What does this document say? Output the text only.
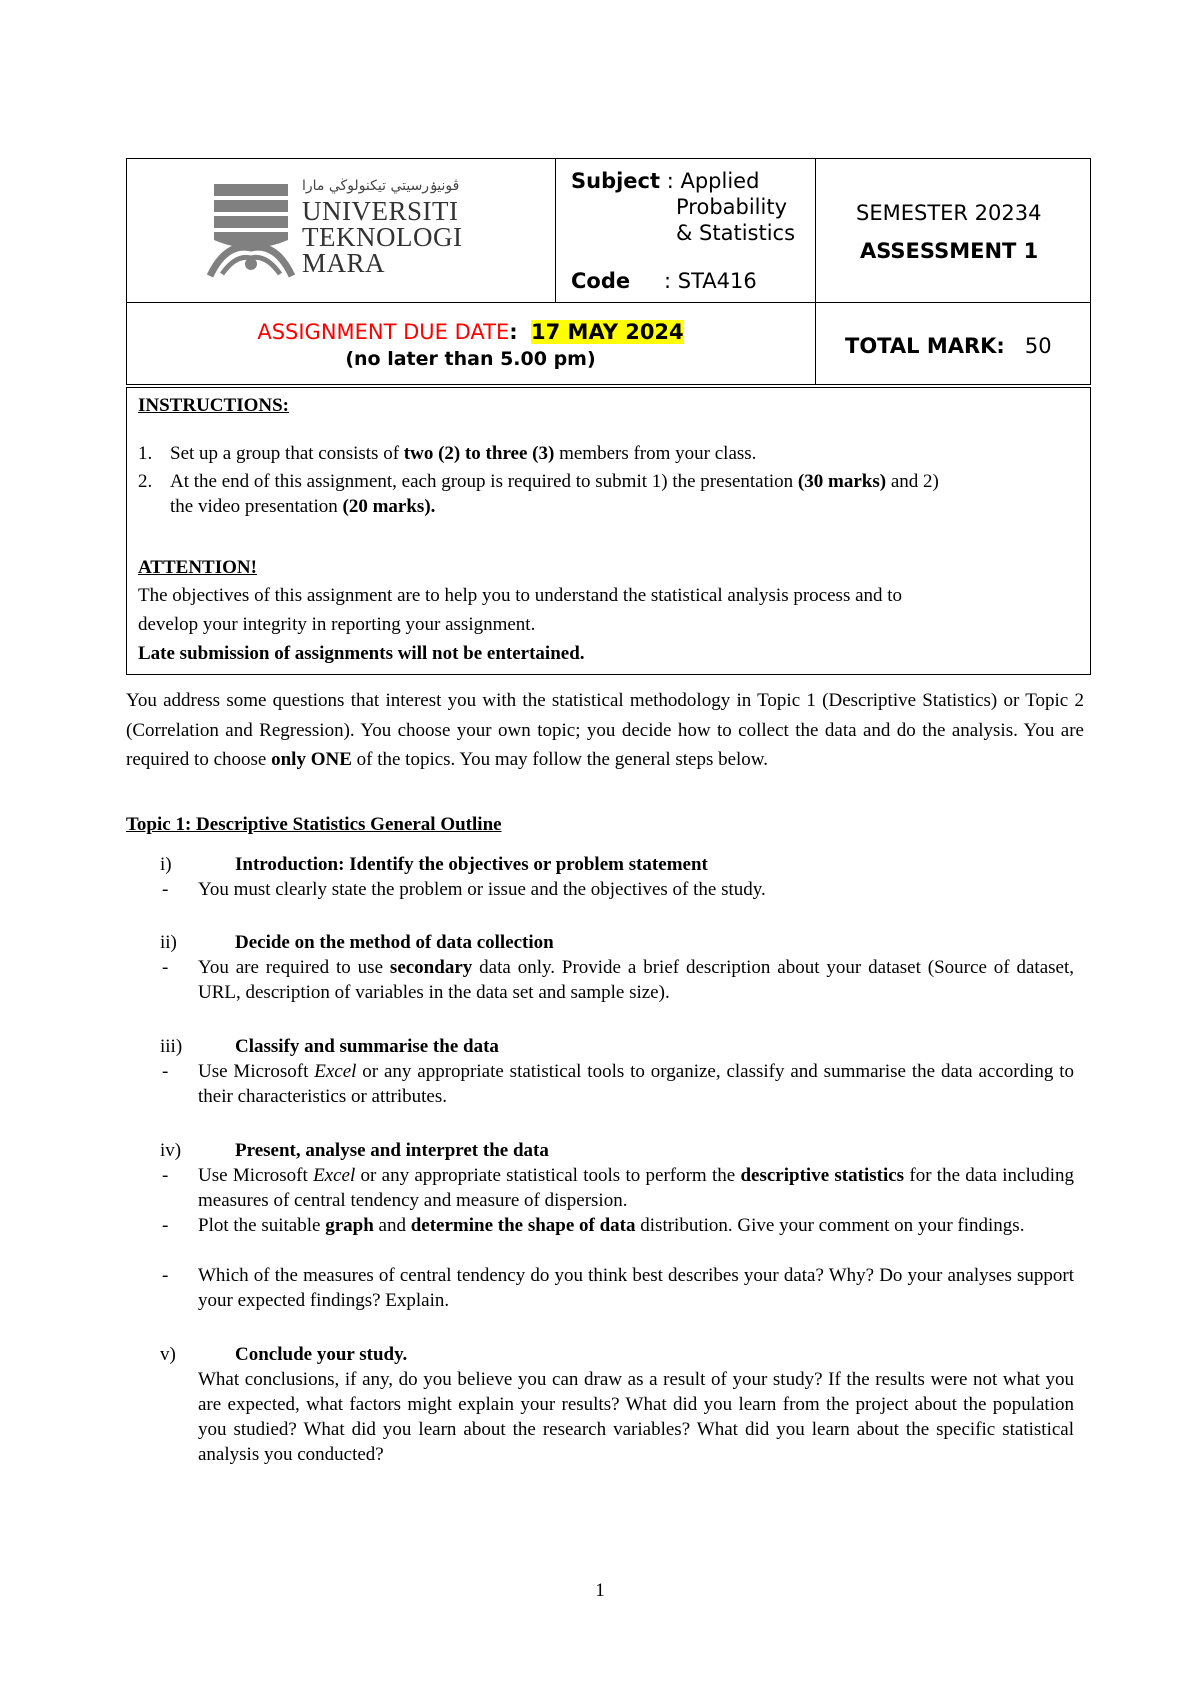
ڤونيۏرسيتي تيكنولوڬي مارا
UNIVERSITI
TEKNOLOGI
MARA
Subject : Applied
Probability
& Statistics
Code : STA416
SEMESTER 20234
ASSESSMENT 1
ASSIGNMENT DUE DATE: 17 MAY 2024
(no later than 5.00 pm)
TOTAL MARK: 50
INSTRUCTIONS:
1. Set up a group that consists of two (2) to three (3) members from your class.
2. At the end of this assignment, each group is required to submit 1) the presentation (30 marks) and 2)
the video presentation (20 marks).
ATTENTION!
The objectives of this assignment are to help you to understand the statistical analysis process and to
develop your integrity in reporting your assignment.
Late submission of assignments will not be entertained.
You address some questions that interest you with the statistical methodology in Topic 1 (Descriptive Statistics) or Topic 2 (Correlation and Regression). You choose your own topic; you decide how to collect the data and do the analysis. You are required to choose only ONE of the topics. You may follow the general steps below.
Topic 1: Descriptive Statistics General Outline
i)	Introduction: Identify the objectives or problem statement
- You must clearly state the problem or issue and the objectives of the study.
ii)	Decide on the method of data collection
- You are required to use secondary data only. Provide a brief description about your dataset (Source of dataset, URL, description of variables in the data set and sample size).
iii)	Classify and summarise the data
- Use Microsoft Excel or any appropriate statistical tools to organize, classify and summarise the data according to their characteristics or attributes.
iv)	Present, analyse and interpret the data
- Use Microsoft Excel or any appropriate statistical tools to perform the descriptive statistics for the data including measures of central tendency and measure of dispersion.
- Plot the suitable graph and determine the shape of data distribution. Give your comment on your findings.
- Which of the measures of central tendency do you think best describes your data? Why? Do your analyses support your expected findings? Explain.
v)	Conclude your study.
What conclusions, if any, do you believe you can draw as a result of your study? If the results were not what you are expected, what factors might explain your results? What did you learn from the project about the population you studied? What did you learn about the research variables? What did you learn about the specific statistical analysis you conducted?
1
